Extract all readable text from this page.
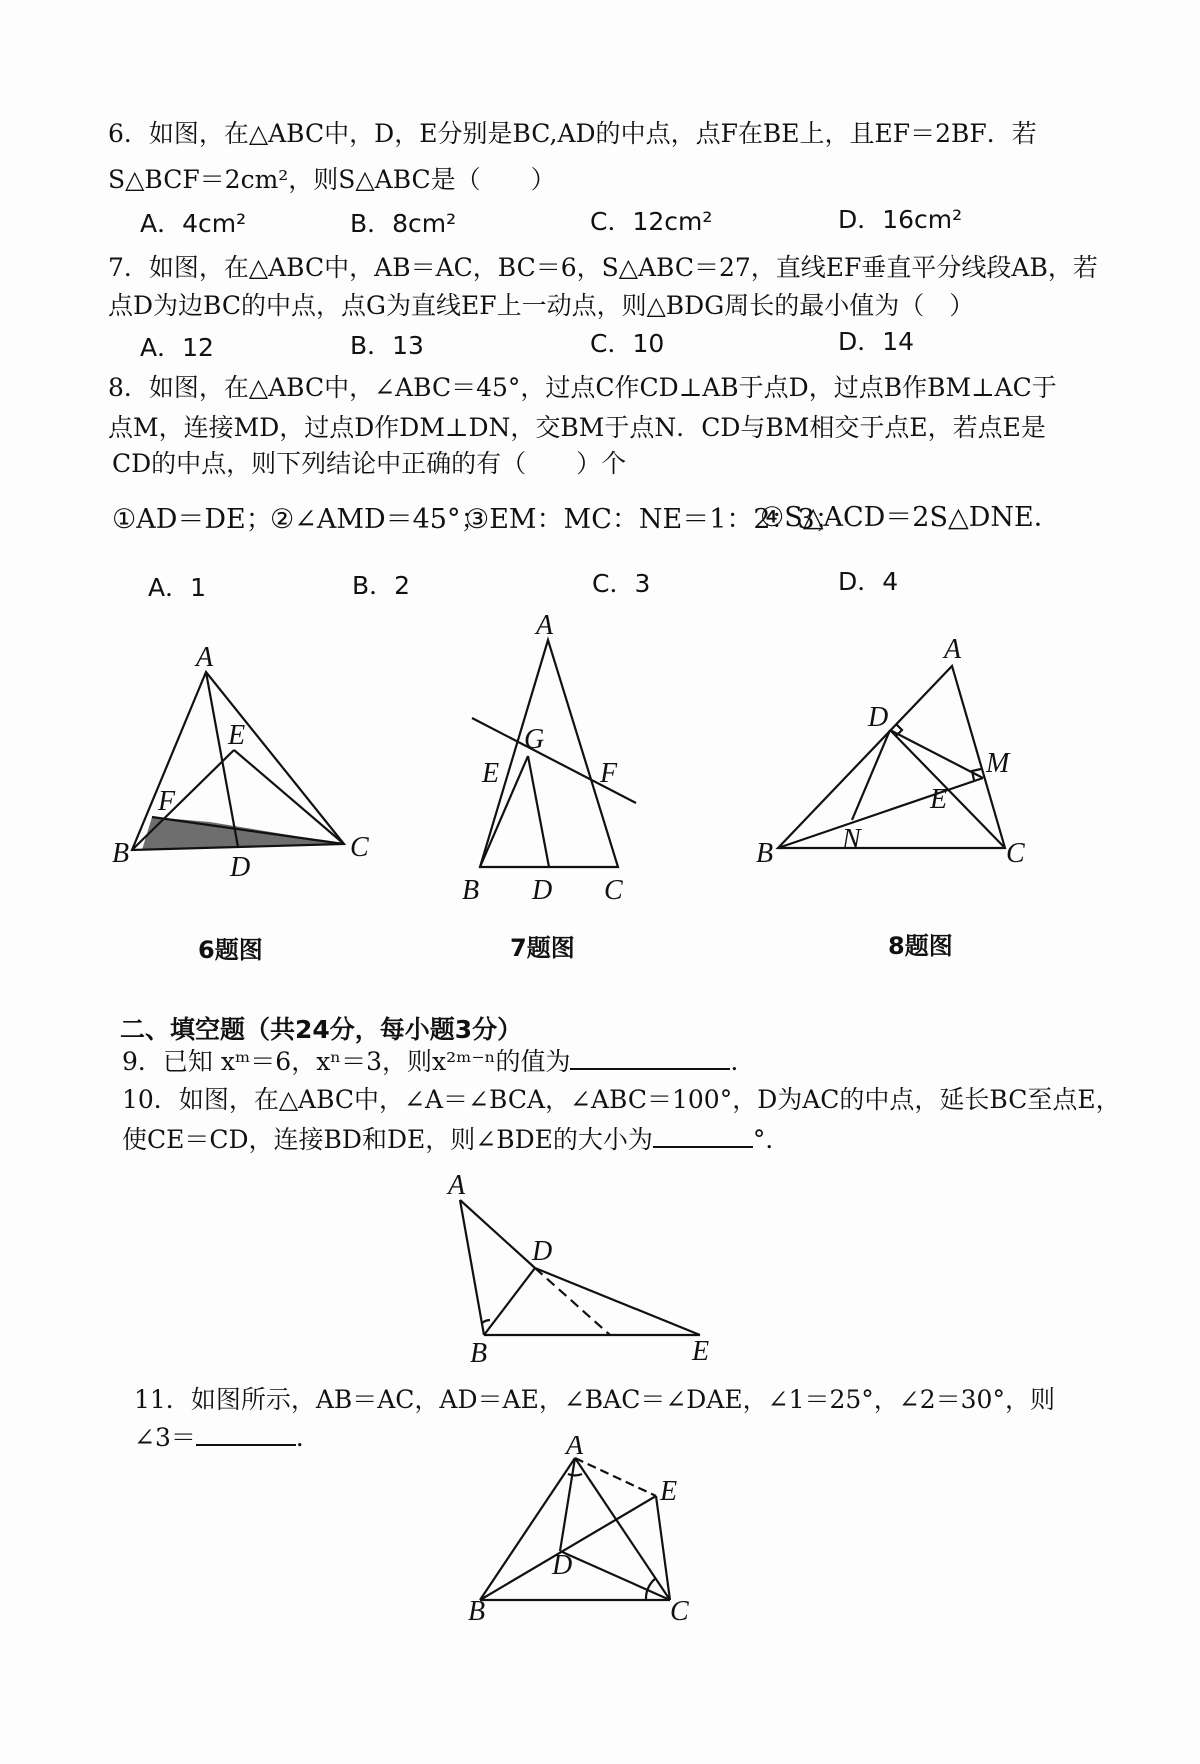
6．如图，在△ABC中，D，E分别是BC,AD的中点，点F在BE上，且EF＝2BF．若
S△BCF＝2cm²，则S△ABC是（　　）
A．4cm²	B．8cm²	C．12cm²	D．16cm²
7．如图，在△ABC中，AB＝AC，BC＝6，S△ABC＝27，直线EF垂直平分线段AB，若
点D为边BC的中点，点G为直线EF上一动点，则△BDG周长的最小值为（　）
A．12	B．13	C．10	D．14
8．如图，在△ABC中，∠ABC＝45°，过点C作CD⊥AB于点D，过点B作BM⊥AC于
点M，连接MD，过点D作DM⊥DN，交BM于点N．CD与BM相交于点E，若点E是
CD的中点，则下列结论中正确的有（　　）个
①AD＝DE；
②∠AMD＝45°；
③EM：MC：NE＝1：2：3；
④S△ACD＝2S△DNE．
A．1	B．2	C．3	D．4
A
E
F
B	D
C
A
G
E	F
B D C
A
D
M
E
N
B	C
6题图	7题图	8题图
二、填空题（共24分，每小题3分）
9．已知 xᵐ＝6，xⁿ＝3，则x²ᵐ⁻ⁿ的值为	．
10．如图，在△ABC中，∠A＝∠BCA，∠ABC＝100°，D为AC的中点，延长BC至点E，
使CE＝CD，连接BD和DE，则∠BDE的大小为	°．
A
D
B	E
11．如图所示，AB＝AC，AD＝AE，∠BAC＝∠DAE，∠1＝25°，∠2＝30°，则
∠3＝	．	A
E
D
B	C
